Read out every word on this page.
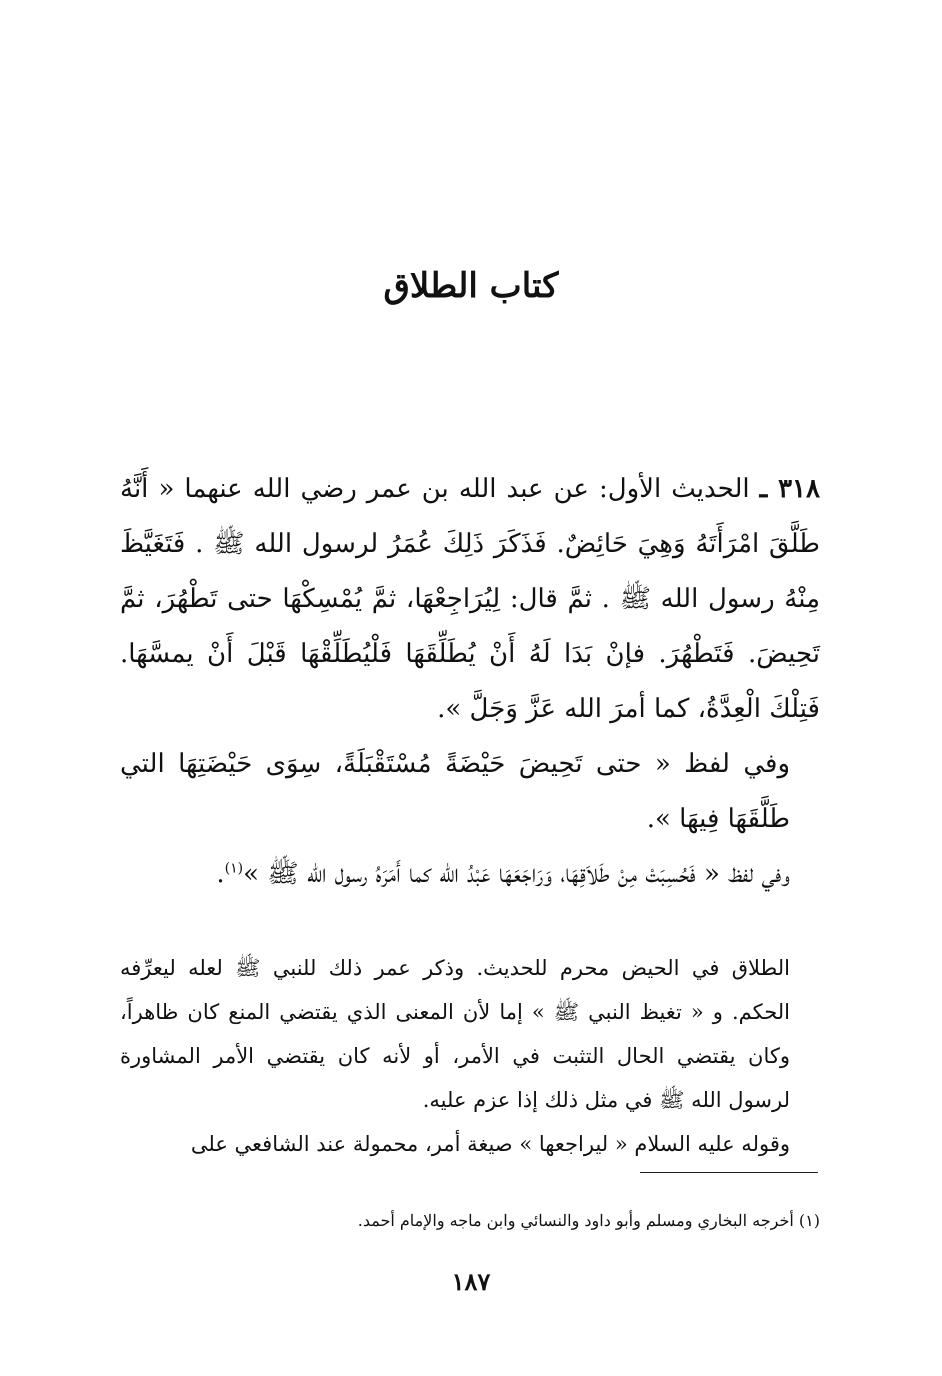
كتاب الطلاق

٣١٨ ـ الحديث الأول: عن عبد الله بن عمر رضي الله عنهما « أَنَّهُ طَلَّقَ امْرَأَتَهُ وَهِيَ حَائِضٌ. فَذَكَرَ ذَلِكَ عُمَرُ لرسول الله ﷺ . فَتَغَيَّظَ مِنْهُ رسول الله ﷺ . ثمَّ قال: لِيُرَاجِعْهَا، ثمَّ يُمْسِكْهَا حتى تَطْهُرَ، ثمَّ تَحِيضَ. فَتَطْهُرَ. فإنْ بَدَا لَهُ أَنْ يُطَلِّقَهَا فَلْيُطَلِّقْهَا قَبْلَ أَنْ يمسَّهَا. فَتِلْكَ الْعِدَّةُ، كما أمرَ الله عَزَّ وَجَلَّ ».

وفي لفظ « حتى تَحِيضَ حَيْضَةً مُسْتَقْبَلَةً، سِوَى حَيْضَتِهَا التي طَلَّقَهَا فِيهَا ».

وفي لفظ « فَحُسِبَتْ مِنْ طَلاَقِهَا، وَرَاجَعَهَا عَبْدُ الله كما أَمَرَهُ رسول الله ﷺ »$^{(١)}$.

الطلاق في الحيض محرم للحديث. وذكر عمر ذلك للنبي ﷺ لعله ليعرِّفه الحكم. و « تغيظ النبي ﷺ » إما لأن المعنى الذي يقتضي المنع كان ظاهراً، وكان يقتضي الحال التثبت في الأمر، أو لأنه كان يقتضي الأمر المشاورة لرسول الله ﷺ في مثل ذلك إذا عزم عليه.

وقوله عليه السلام « ليراجعها » صيغة أمر، محمولة عند الشافعي على

(١) أخرجه البخاري ومسلم وأبو داود والنسائي وابن ماجه والإمام أحمد.
١٨٧
